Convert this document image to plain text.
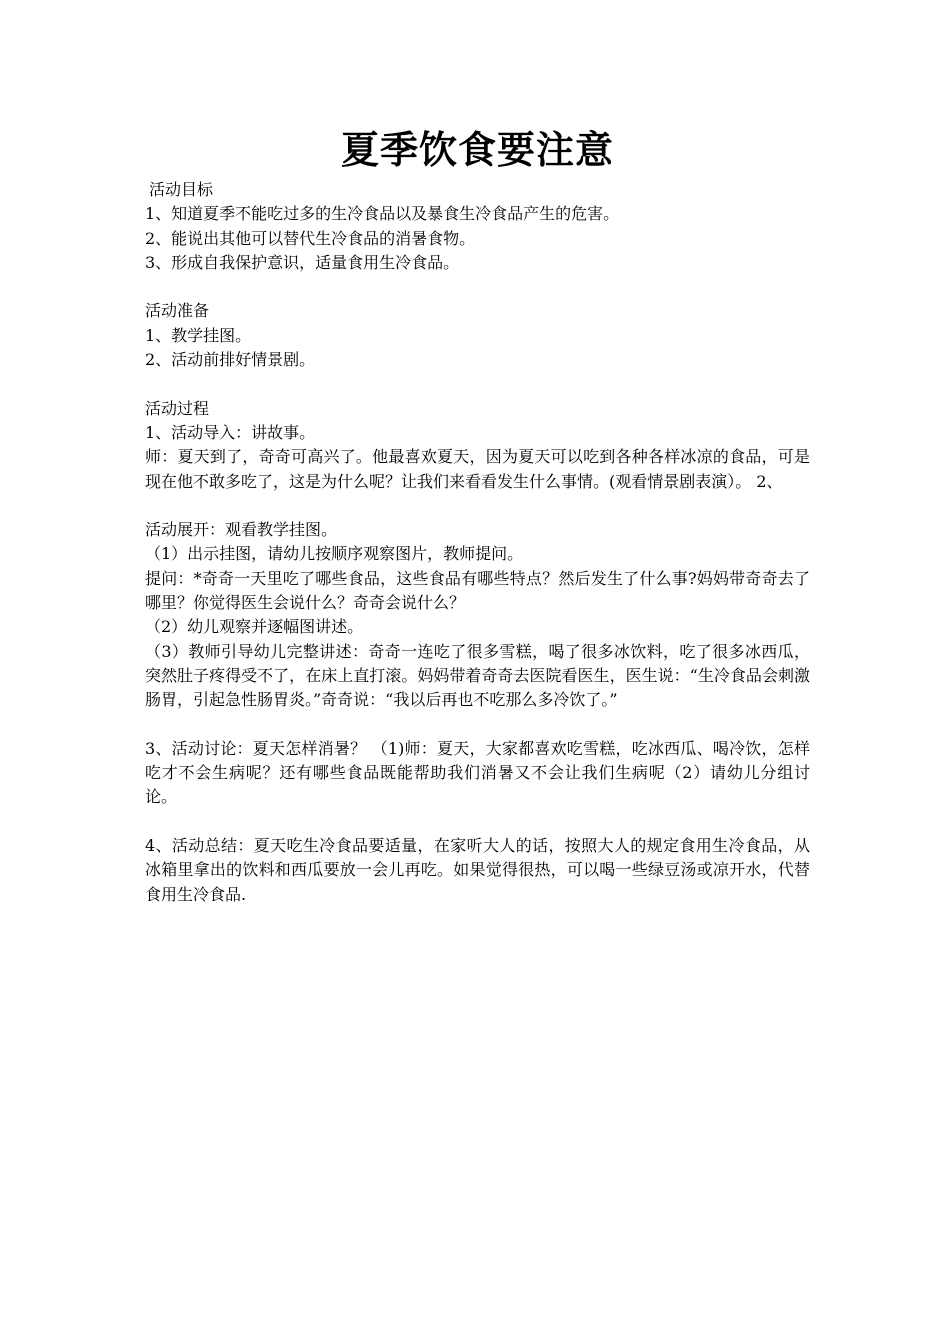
夏季饮食要注意

活动目标

1、知道夏季不能吃过多的生冷食品以及暴食生冷食品产生的危害。

2、能说出其他可以替代生冷食品的消暑食物。

3、形成自我保护意识，适量食用生冷食品。

活动准备

1、教学挂图。

2、活动前排好情景剧。

活动过程

1、活动导入：讲故事。

师：夏天到了，奇奇可高兴了。他最喜欢夏天，因为夏天可以吃到各种各样冰凉的食品，可是现在他不敢多吃了，这是为什么呢？让我们来看看发生什么事情。(观看情景剧表演）。 2、

活动展开：观看教学挂图。

（1）出示挂图，请幼儿按顺序观察图片，教师提问。

提问：*奇奇一天里吃了哪些食品，这些食品有哪些特点？然后发生了什么事?妈妈带奇奇去了哪里？你觉得医生会说什么？奇奇会说什么？

（2）幼儿观察并逐幅图讲述。

（3）教师引导幼儿完整讲述：奇奇一连吃了很多雪糕，喝了很多冰饮料，吃了很多冰西瓜，突然肚子疼得受不了，在床上直打滚。妈妈带着奇奇去医院看医生，医生说：“生冷食品会刺激肠胃，引起急性肠胃炎。”奇奇说：“我以后再也不吃那么多冷饮了。”

3、活动讨论：夏天怎样消暑？ （1)师：夏天，大家都喜欢吃雪糕，吃冰西瓜、喝冷饮，怎样吃才不会生病呢？还有哪些食品既能帮助我们消暑又不会让我们生病呢（2）请幼儿分组讨论。

4、活动总结：夏天吃生冷食品要适量，在家听大人的话，按照大人的规定食用生冷食品，从冰箱里拿出的饮料和西瓜要放一会儿再吃。如果觉得很热，可以喝一些绿豆汤或凉开水，代替食用生冷食品.
